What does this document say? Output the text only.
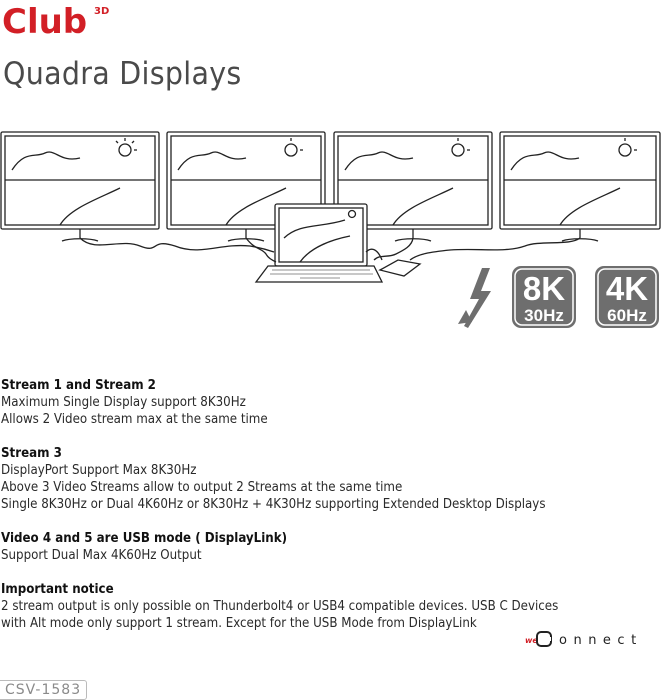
Club 3D
Quadra Displays
8K
30Hz
4K
60Hz
Stream 1 and Stream 2
Maximum Single Display support 8K30Hz
Allows 2 Video stream max at the same time
Stream 3
DisplayPort Support Max 8K30Hz
Above 3 Video Streams allow to output 2 Streams at the same time
Single 8K30Hz or Dual 4K60Hz or 8K30Hz + 4K30Hz supporting Extended Desktop Displays
Video 4 and 5 are USB mode ( DisplayLink)
Support Dual Max 4K60Hz Output
Important notice
2 stream output is only possible on Thunderbolt4 or USB4 compatible devices. USB C Devices
with Alt mode only support 1 stream. Except for the USB Mode from DisplayLink
we onnect
CSV-1583
